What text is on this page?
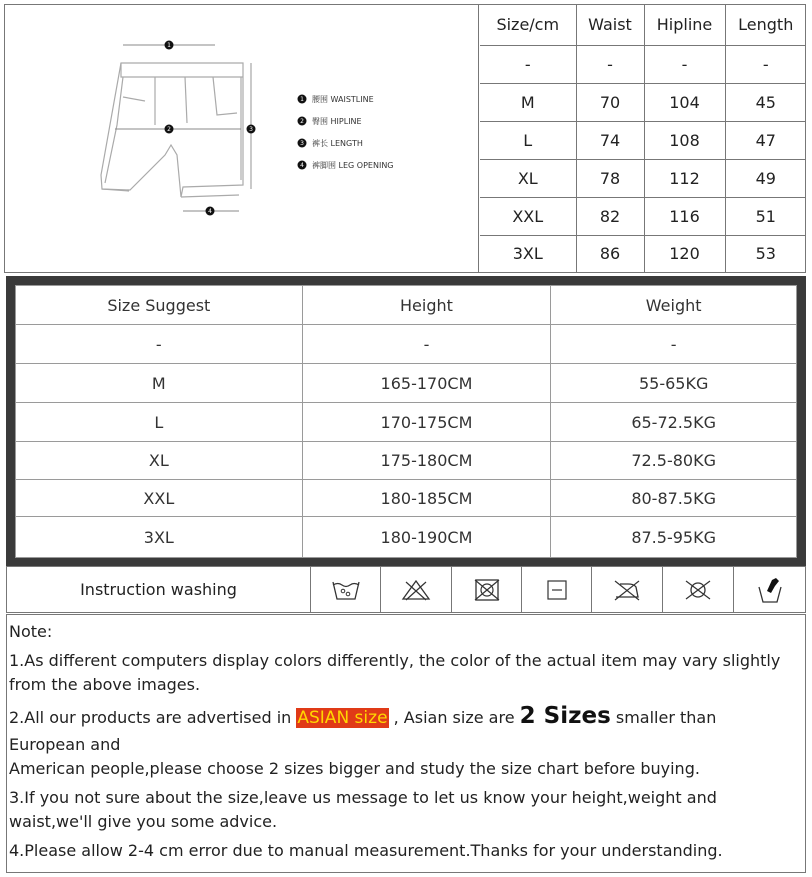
1
2	3
4
1
2
3
4
腰围 WAISTLINE
臀围 HIPLINE
裤长 LENGTH
裤脚围 LEG OPENING
Size/cm	Waist	Hipline	Length
-	-	-	-
M	70	104	45
L	74	108	47
XL	78	112	49
XXL	82	116	51
3XL	86	120	53
Size Suggest	Height	Weight
-	-	-
M	165-170CM	55-65KG
L	170-175CM	65-72.5KG
XL	175-180CM	72.5-80KG
XXL	180-185CM	80-87.5KG
3XL	180-190CM	87.5-95KG
Instruction washing
Note:
1.As different computers display colors differently, the color of the actual item may vary slightly
from the above images.
2.All our products are advertised in ASIAN size , Asian size are 2 Sizes smaller than
European and
American people,please choose 2 sizes bigger and study the size chart before buying.
3.If you not sure about the size,leave us message to let us know your height,weight and
waist,we'll give you some advice.
4.Please allow 2-4 cm error due to manual measurement.Thanks for your understanding.
